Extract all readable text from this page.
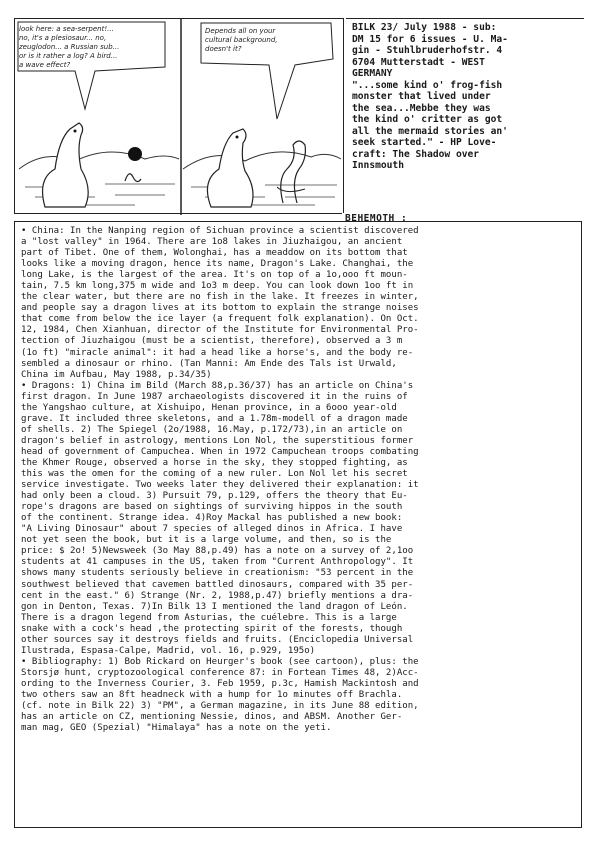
look here: a sea-serpent!...
no, it's a plesiosaur... no,
zeuglodon... a Russian sub...
or is it rather a log? A bird...
a wave effect?
Depends all on your
cultural background,
doesn't it?

BILK 23/ July 1988 - sub:
DM 15 for 6 issues - U. Ma-
gin - Stuhlbruderhofstr. 4
6704 Mutterstadt - WEST
GERMANY

"...some kind o' frog-fish
monster that lived under
the sea...Mebbe they was
the kind o' critter as got
all the mermaid stories an'
seek started." - HP Love-
craft: The Shadow over
Innsmouth

BEHEMOTH :

• China: In the Nanping region of Sichuan province a scientist discovered
a "lost valley" in 1964. There are 1o8 lakes in Jiuzhaigou, an ancient
part of Tibet. One of them, Wolonghai, has a meaddow on its bottom that
looks like a moving dragon, hence its name, Dragon's Lake. Changhai, the
long Lake, is the largest of the area. It's on top of a 1o,ooo ft moun-
tain, 7.5 km long,375 m wide and 1o3 m deep. You can look down 1oo ft in
the clear water, but there are no fish in the lake. It freezes in winter,
and people say a dragon lives at its bottom to explain the strange noises
that come from below the ice layer (a frequent folk explanation). On Oct.
12, 1984, Chen Xianhuan, director of the Institute for Environmental Pro-
tection of Jiuzhaigou (must be a scientist, therefore), observed a 3 m
(1o ft) "miracle animal": it had a head like a horse's, and the body re-
sembled a dinosaur or rhino. (Tan Manni: Am Ende des Tals ist Urwald,
China im Aufbau, May 1988, p.34/35)

• Dragons: 1) China im Bild (March 88,p.36/37) has an article on China's
first dragon. In June 1987 archaeologists discovered it in the ruins of
the Yangshao culture, at Xishuipo, Henan province, in a 6ooo year-old
grave. It included three skeletons, and a 1.78m-modell of a dragon made
of shells. 2) The Spiegel (2o/1988, 16.May, p.172/73),in an article on
dragon's belief in astrology, mentions Lon Nol, the superstitious former
head of government of Campuchea. When in 1972 Campuchean troops combating
the Khmer Rouge, observed a horse in the sky, they stopped fighting, as
this was the omen for the coming of a new ruler. Lon Nol let his secret
service investigate. Two weeks later they delivered their explanation: it
had only been a cloud. 3) Pursuit 79, p.129, offers the theory that Eu-
rope's dragons are based on sightings of surviving hippos in the south
of the continent. Strange idea. 4)Roy Mackal has published a new book:
"A Living Dinosaur" about 7 species of alleged dinos in Africa. I have
not yet seen the book, but it is a large volume, and then, so is the
price: $ 2o! 5)Newsweek (3o May 88,p.49) has a note on a survey of 2,1oo
students at 41 campuses in the US, taken from "Current Anthropology". It
shows many students seriously believe in creationism: "53 percent in the
southwest believed that cavemen battled dinosaurs, compared with 35 per-
cent in the east." 6) Strange (Nr. 2, 1988,p.47) briefly mentions a dra-
gon in Denton, Texas. 7)In Bilk 13 I mentioned the land dragon of León.
There is a dragon legend from Asturias, the cuélebre. This is a large
snake with a cock's head ,the protecting spirit of the forests, though
other sources say it destroys fields and fruits. (Enciclopedia Universal
Ilustrada, Espasa-Calpe, Madrid, vol. 16, p.929, 195o)

• Bibliography: 1) Bob Rickard on Heurger's book (see cartoon), plus: the
Storsjø hunt, cryptozoological conference 87: in Fortean Times 48, 2)Acc-
ording to the Inverness Courier, 3. Feb 1959, p.3c, Hamish Mackintosh and
two others saw an 8ft headneck with a hump for 1o minutes off Brachla.
(cf. note in Bilk 22) 3) "PM", a German magazine, in its June 88 edition,
has an article on CZ, mentioning Nessie, dinos, and ABSM. Another Ger-
man mag, GEO (Spezial) "Himalaya" has a note on the yeti.
